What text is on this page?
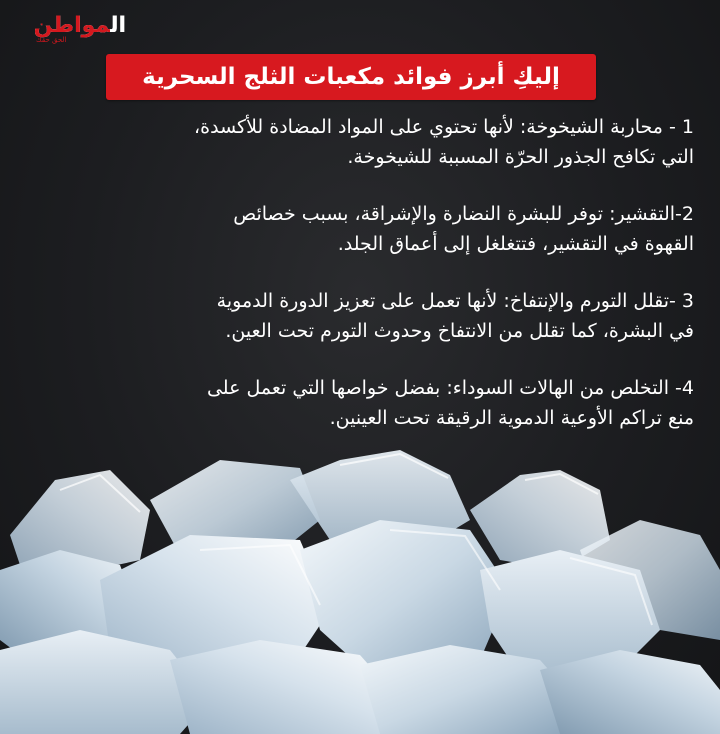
المواطن
الحق حقك
إليكِ أبرز فوائد مكعبات الثلج السحرية

1 - محاربة الشيخوخة: لأنها تحتوي على المواد المضادة للأكسدة،

التي تكافح الجذور الحرّة المسببة للشيخوخة.

2-التقشير: توفر للبشرة النضارة والإشراقة، بسبب خصائص

القهوة في التقشير، فتتغلغل إلى أعماق الجلد.

3 -تقلل التورم والإنتفاخ: لأنها تعمل على تعزيز الدورة الدموية

في البشرة، كما تقلل من الانتفاخ وحدوث التورم تحت العين.

4- التخلص من الهالات السوداء: بفضل خواصها التي تعمل على

منع تراكم الأوعية الدموية الرقيقة تحت العينين.
